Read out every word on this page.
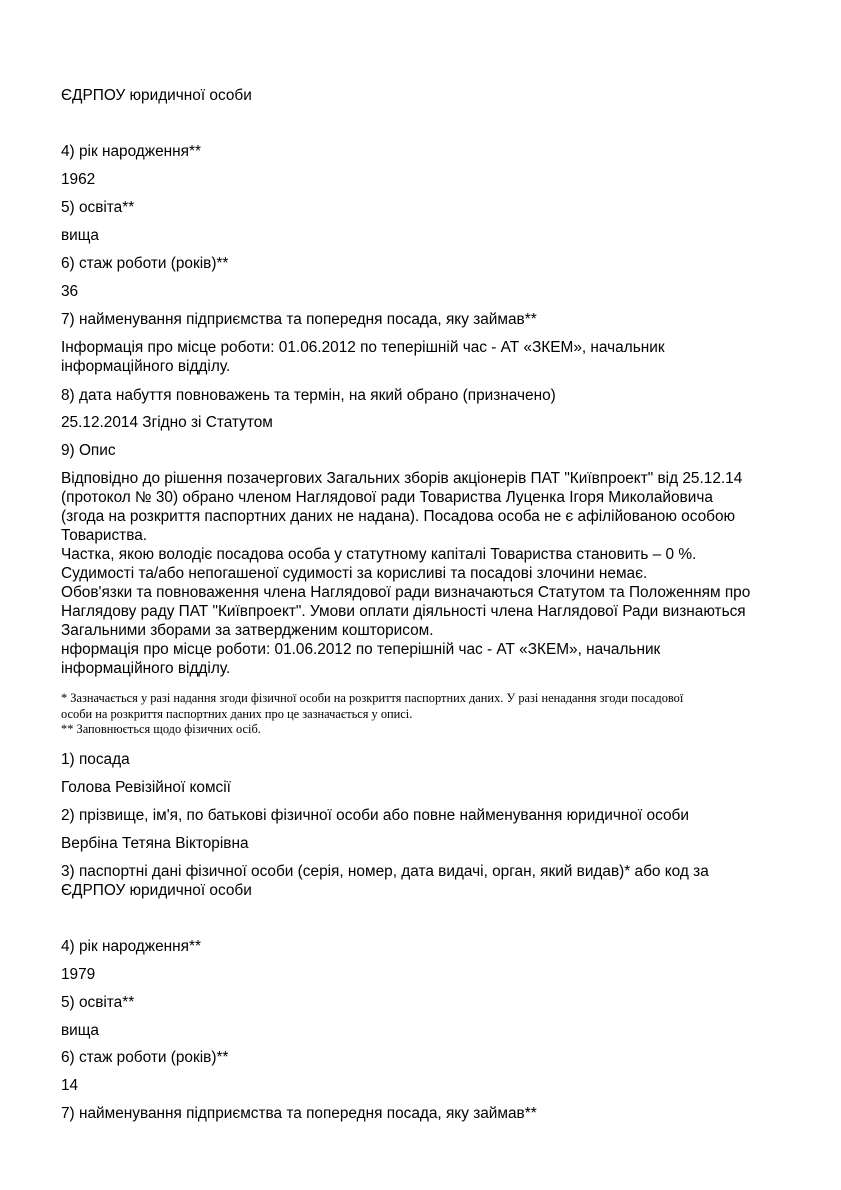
ЄДРПОУ юридичної особи

4) рік народження**

1962

5) освіта**

вища

6) стаж роботи (років)**

36

7) найменування підприємства та попередня посада, яку займав**

Інформація про місце роботи: 01.06.2012 по теперішній час - АТ «ЗКЕМ», начальник

інформаційного відділу.

8) дата набуття повноважень та термін, на який обрано (призначено)

25.12.2014 Згідно зі Статутом

9) Опис

Відповідно до рішення позачергових Загальних зборів акціонерів ПАТ "Київпроект" від 25.12.14

(протокол № 30) обрано членом Наглядової ради Товариства Луценка Ігоря Миколайовича

(згода на розкриття паспортних даних не надана). Посадова особа не є афілійованою особою

Товариства.

Частка, якою володіє посадова особа у статутному капіталі Товариства становить – 0 %.

Судимості та/або непогашеної судимості за корисливі та посадові злочини немає.

Обов'язки та повноваження члена Наглядової ради визначаються Статутом та Положенням про

Наглядову раду ПАТ "Київпроект". Умови оплати діяльності члена Наглядової Ради визнаються

Загальними зборами за затвердженим кошторисом.

нформація про місце роботи: 01.06.2012 по теперішній час - АТ «ЗКЕМ», начальник

інформаційного відділу.

* Зазначається у разі надання згоди фізичної особи на розкриття паспортних даних. У разі ненадання згоди посадової

особи на розкриття паспортних даних про це зазначається у описі.

** Заповнюється щодо фізичних осіб.

1) посада

Голова Ревізійної комсії

2) прізвище, ім'я, по батькові фізичної особи або повне найменування юридичної особи

Вербіна Тетяна Вікторівна

3) паспортні дані фізичної особи (серія, номер, дата видачі, орган, який видав)* або код за

ЄДРПОУ юридичної особи

4) рік народження**

1979

5) освіта**

вища

6) стаж роботи (років)**

14

7) найменування підприємства та попередня посада, яку займав**
